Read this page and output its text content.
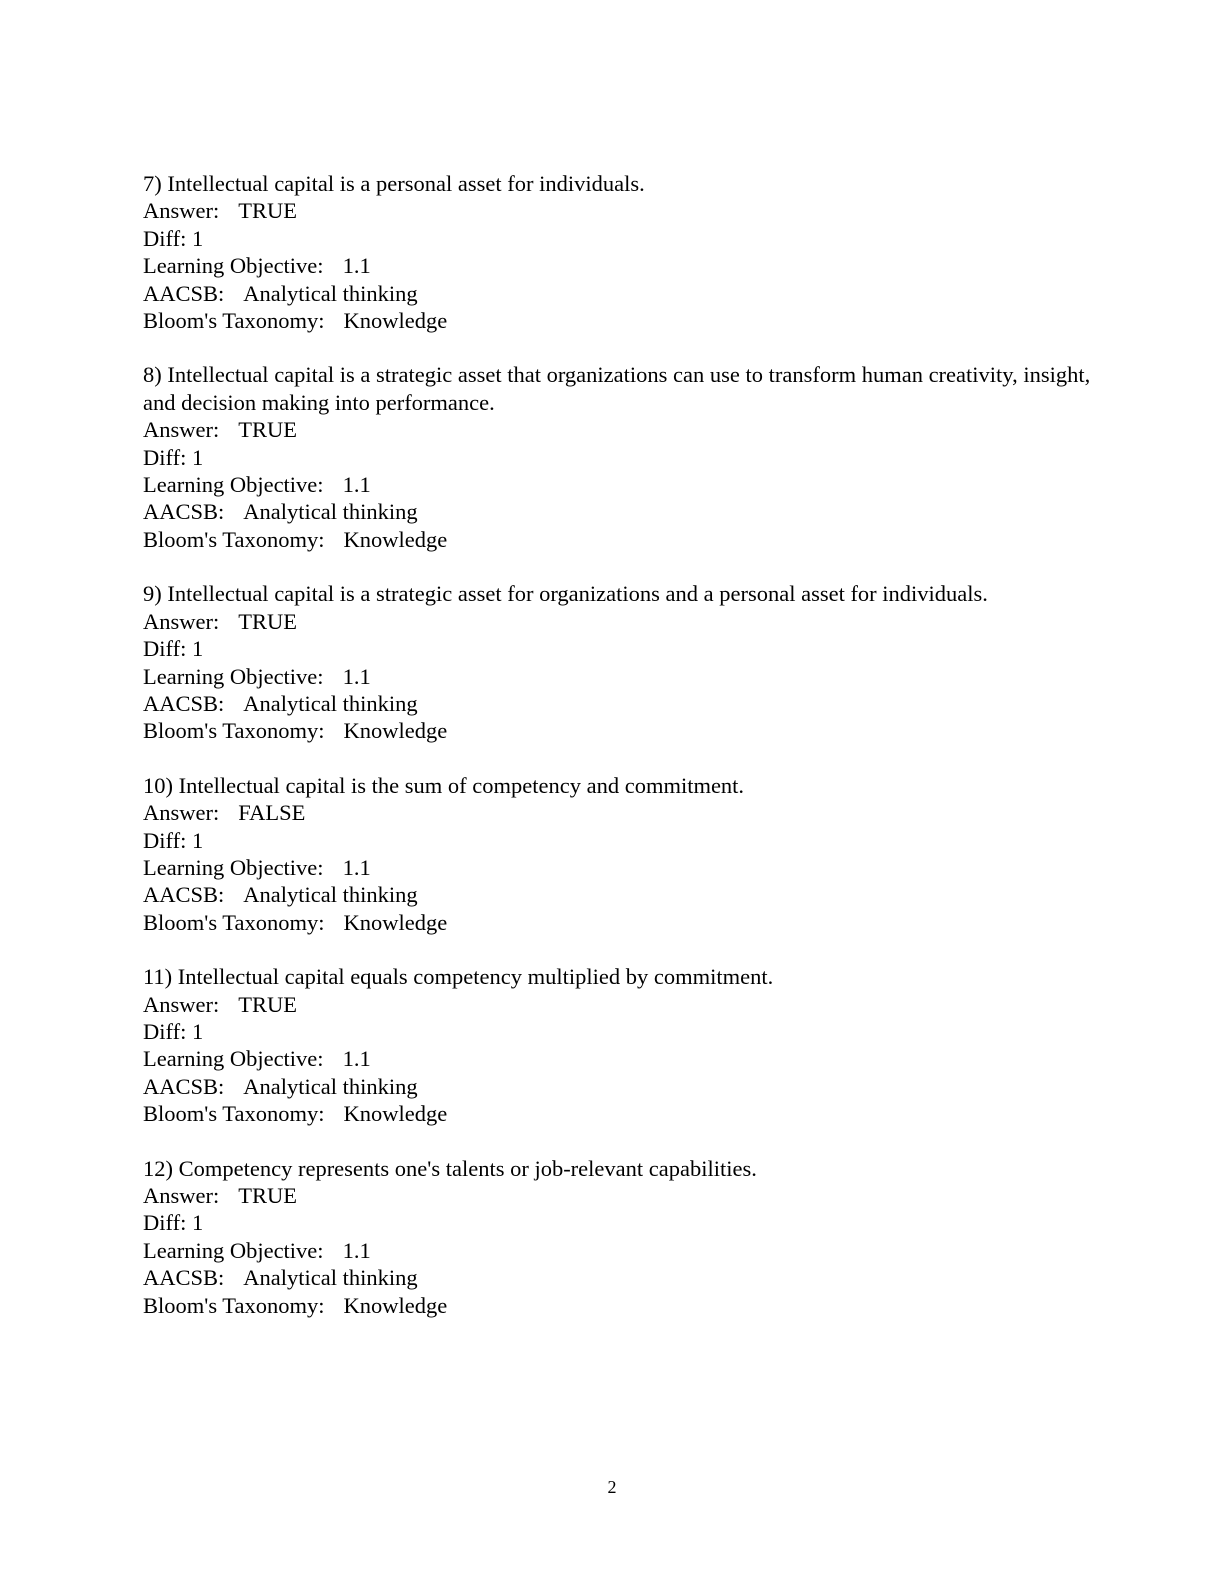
7) Intellectual capital is a personal asset for individuals.
Answer: TRUE
Diff: 1
Learning Objective: 1.1
AACSB: Analytical thinking
Bloom's Taxonomy: Knowledge
8) Intellectual capital is a strategic asset that organizations can use to transform human creativity, insight, and decision making into performance.
Answer: TRUE
Diff: 1
Learning Objective: 1.1
AACSB: Analytical thinking
Bloom's Taxonomy: Knowledge
9) Intellectual capital is a strategic asset for organizations and a personal asset for individuals.
Answer: TRUE
Diff: 1
Learning Objective: 1.1
AACSB: Analytical thinking
Bloom's Taxonomy: Knowledge
10) Intellectual capital is the sum of competency and commitment.
Answer: FALSE
Diff: 1
Learning Objective: 1.1
AACSB: Analytical thinking
Bloom's Taxonomy: Knowledge
11) Intellectual capital equals competency multiplied by commitment.
Answer: TRUE
Diff: 1
Learning Objective: 1.1
AACSB: Analytical thinking
Bloom's Taxonomy: Knowledge
12) Competency represents one's talents or job-relevant capabilities.
Answer: TRUE
Diff: 1
Learning Objective: 1.1
AACSB: Analytical thinking
Bloom's Taxonomy: Knowledge
2
